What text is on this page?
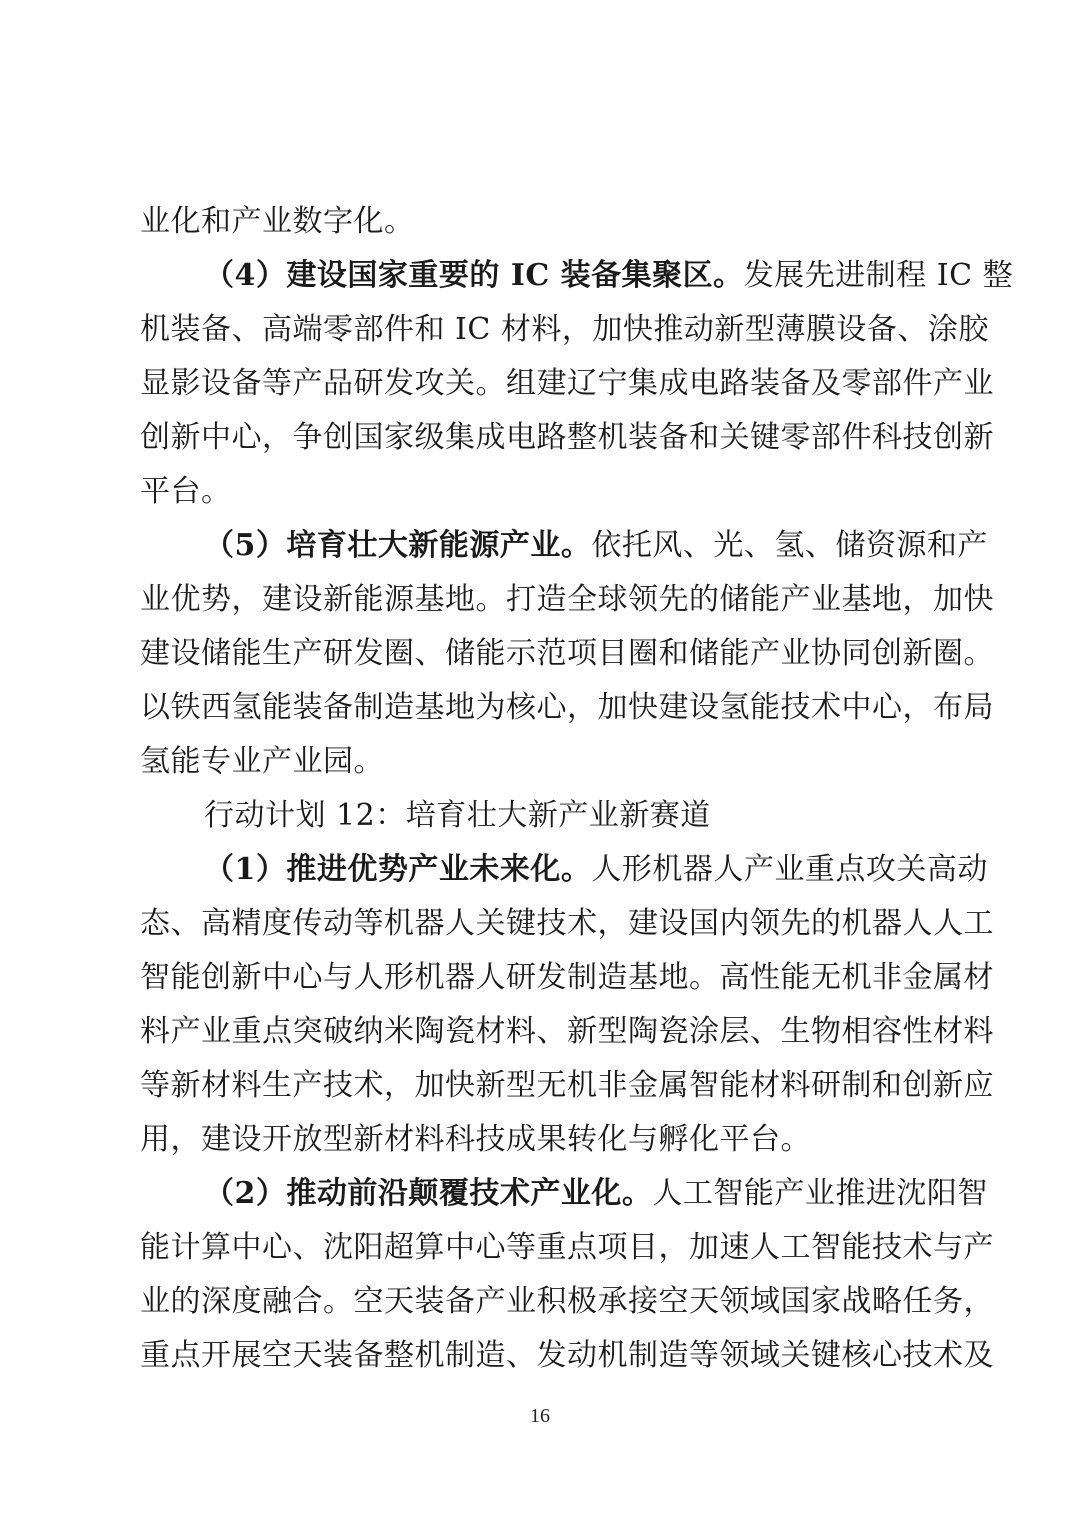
业化和产业数字化。
（4）建设国家重要的 IC 装备集聚区。发展先进制程 IC 整
机装备、高端零部件和 IC 材料，加快推动新型薄膜设备、涂胶
显影设备等产品研发攻关。组建辽宁集成电路装备及零部件产业
创新中心，争创国家级集成电路整机装备和关键零部件科技创新
平台。
（5）培育壮大新能源产业。依托风、光、氢、储资源和产
业优势，建设新能源基地。打造全球领先的储能产业基地，加快
建设储能生产研发圈、储能示范项目圈和储能产业协同创新圈。
以铁西氢能装备制造基地为核心，加快建设氢能技术中心，布局
氢能专业产业园。
行动计划 12：培育壮大新产业新赛道
（1）推进优势产业未来化。人形机器人产业重点攻关高动
态、高精度传动等机器人关键技术，建设国内领先的机器人人工
智能创新中心与人形机器人研发制造基地。高性能无机非金属材
料产业重点突破纳米陶瓷材料、新型陶瓷涂层、生物相容性材料
等新材料生产技术，加快新型无机非金属智能材料研制和创新应
用，建设开放型新材料科技成果转化与孵化平台。
（2）推动前沿颠覆技术产业化。人工智能产业推进沈阳智
能计算中心、沈阳超算中心等重点项目，加速人工智能技术与产
业的深度融合。空天装备产业积极承接空天领域国家战略任务，
重点开展空天装备整机制造、发动机制造等领域关键核心技术及
16
